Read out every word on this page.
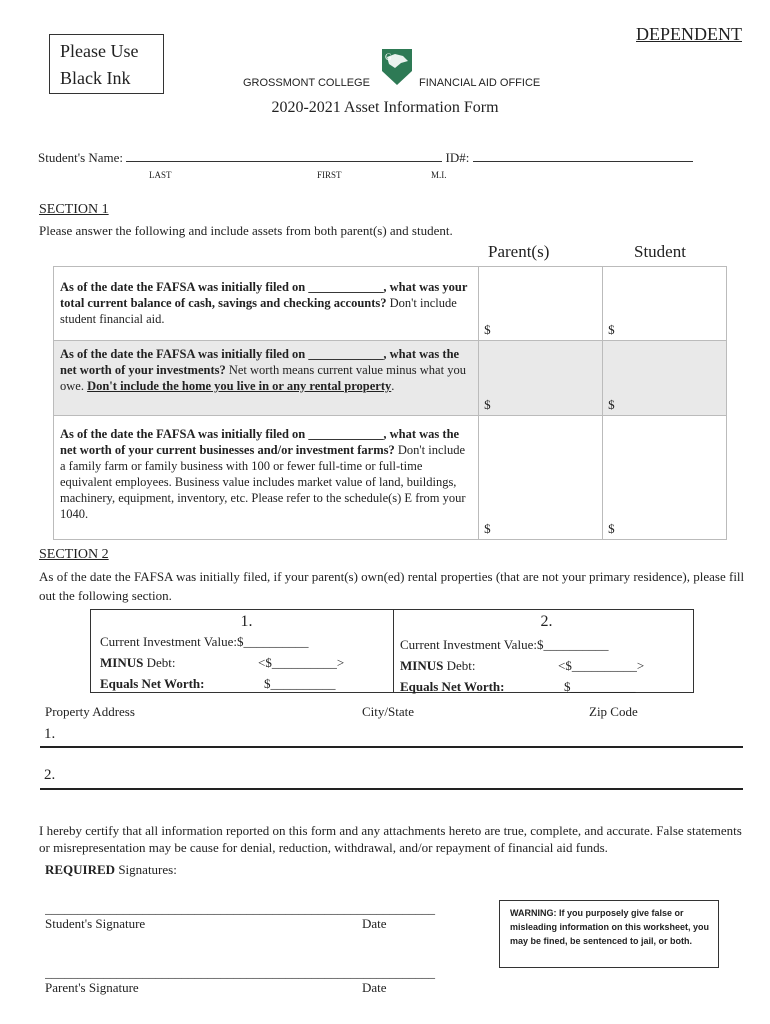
Please Use
Black Ink
DEPENDENT
GROSSMONT COLLEGE
G
FINANCIAL AID OFFICE
2020-2021 Asset Information Form
Student's Name:	ID#:
LAST	FIRST	M.I.
SECTION 1
Please answer the following and include assets from both parent(s) and student.
Parent(s)	Student
As of the date the FAFSA was initially filed on ____________, what was your total current balance of cash, savings and checking accounts? Don't include student financial aid.	$	$

As of the date the FAFSA was initially filed on ____________, what was the net worth of your investments? Net worth means current value minus what you owe. Don't include the home you live in or any rental property.	$	$

As of the date the FAFSA was initially filed on ____________, what was the net worth of your current businesses and/or investment farms? Don't include a family farm or family business with 100 or fewer full-time or full-time equivalent employees. Business value includes market value of land, buildings, machinery, equipment, inventory, etc. Please refer to the schedule(s) E from your 1040.	$	$
SECTION 2
As of the date the FAFSA was initially filed, if your parent(s) own(ed) rental properties (that are not your primary residence), please fill out the following section.
1.
Current Investment Value:$__________
MINUS Debt:	<$__________>
Equals Net Worth:	$__________
2.
Current Investment Value:$__________
MINUS Debt:	<$__________>
Equals Net Worth:	$__________
Property Address	City/State	Zip Code
1.
2.
I hereby certify that all information reported on this form and any attachments hereto are true, complete, and accurate. False statements or misrepresentation may be cause for denial, reduction, withdrawal, and/or repayment of financial aid funds.
REQUIRED Signatures:
____________________________________________________________
Student's Signature	Date
WARNING: If you purposely give false or misleading information on this worksheet, you may be fined, be sentenced to jail, or both.
____________________________________________________________
Parent's Signature	Date
